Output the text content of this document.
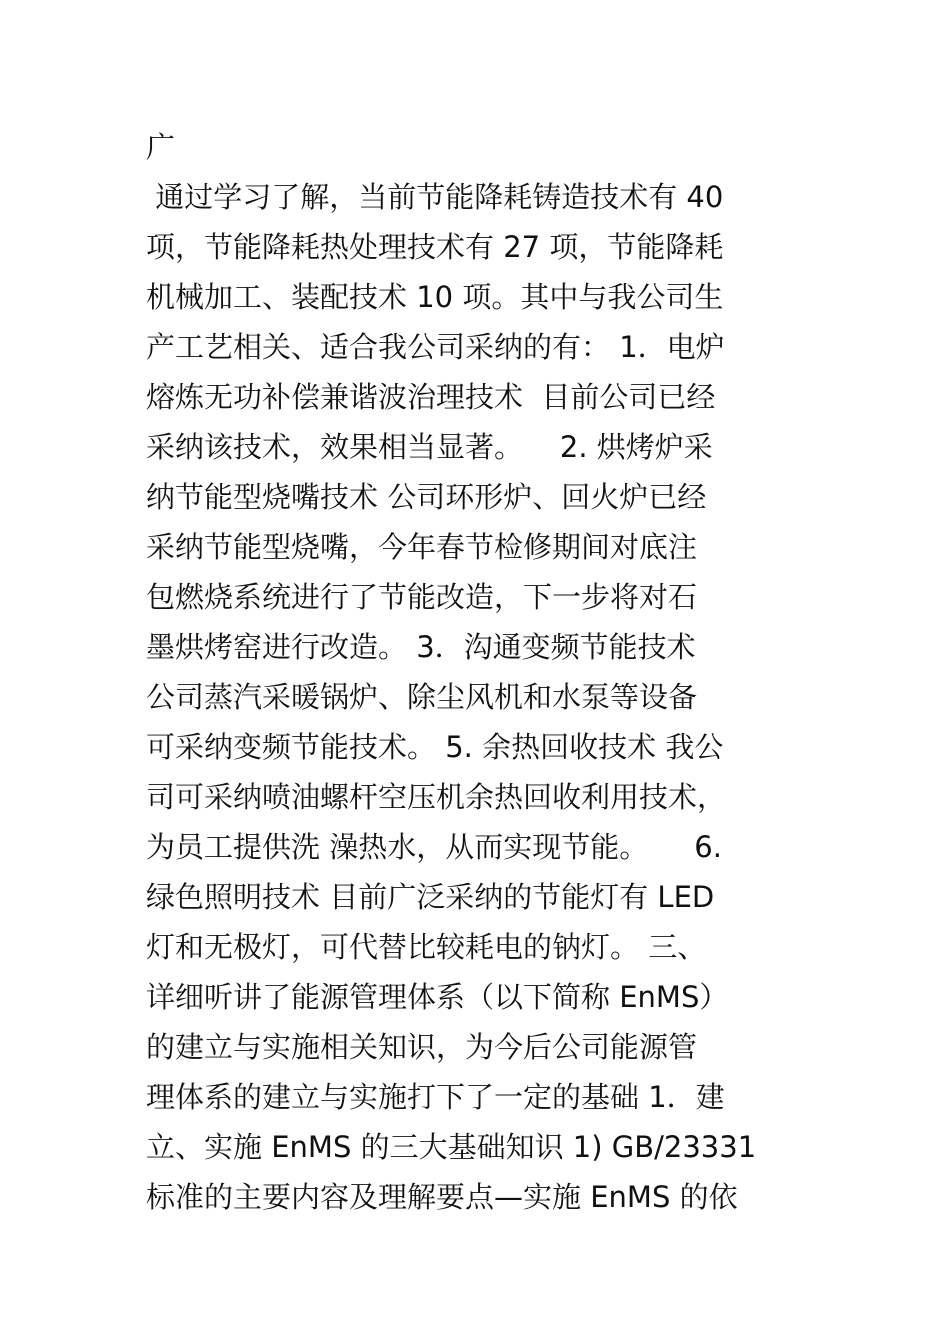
广
通过学习了解，当前节能降耗铸造技术有 40
项，节能降耗热处理技术有 27 项，节能降耗
机械加工、装配技术 10 项。其中与我公司生
产工艺相关、适合我公司采纳的有： 1．电炉
熔炼无功补偿兼谐波治理技术  目前公司已经
采纳该技术，效果相当显著。    2. 烘烤炉采
纳节能型烧嘴技术 公司环形炉、回火炉已经
采纳节能型烧嘴，今年春节检修期间对底注
包燃烧系统进行了节能改造，下一步将对石
墨烘烤窑进行改造。 3．沟通变频节能技术
公司蒸汽采暖锅炉、除尘风机和水泵等设备
可采纳变频节能技术。 5. 余热回收技术 我公
司可采纳喷油螺杆空压机余热回收利用技术，
为员工提供洗 澡热水，从而实现节能。     6.
绿色照明技术 目前广泛采纳的节能灯有 LED
灯和无极灯，可代替比较耗电的钠灯。 三、
详细听讲了能源管理体系（以下简称 EnMS）
的建立与实施相关知识，为今后公司能源管
理体系的建立与实施打下了一定的基础 1．建
立、实施 EnMS 的三大基础知识 1) GB/23331
标准的主要内容及理解要点—实施 EnMS 的依
